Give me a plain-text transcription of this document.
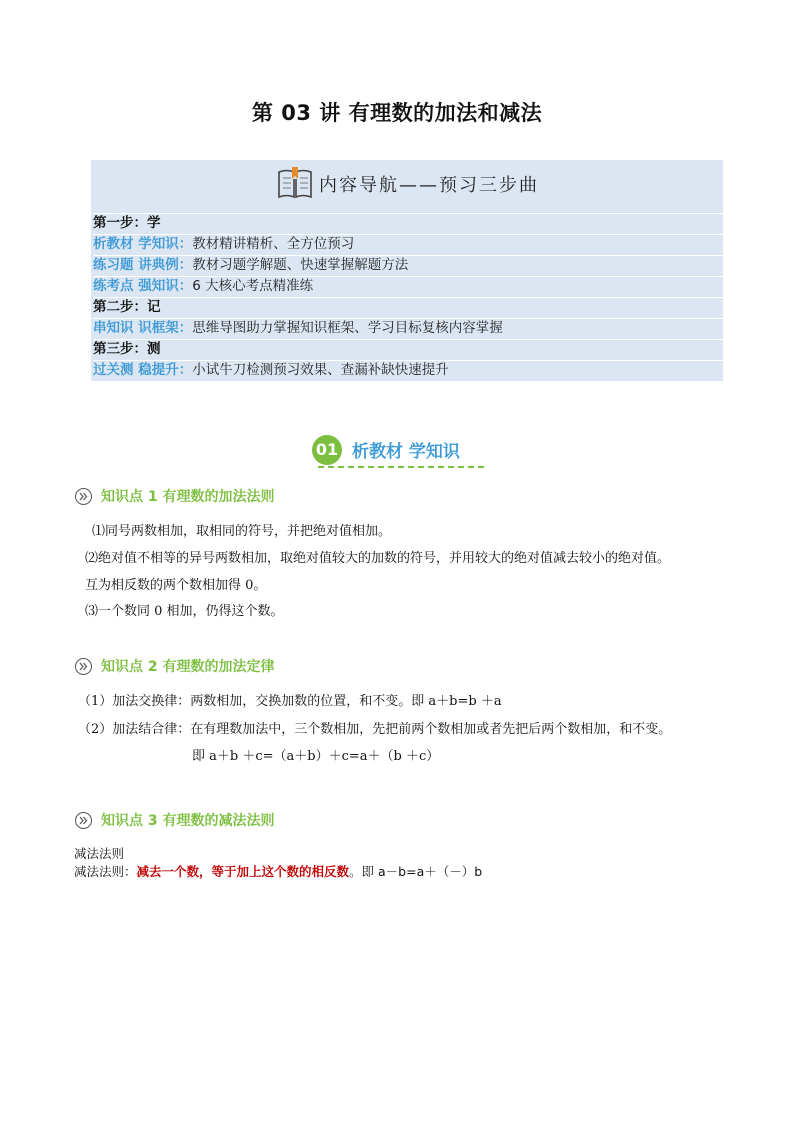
第 03 讲 有理数的加法和减法
内容导航——预习三步曲
第一步：学
析教材 学知识：教材精讲精析、全方位预习
练习题 讲典例：教材习题学解题、快速掌握解题方法
练考点 强知识：6 大核心考点精准练
第二步：记
串知识 识框架：思维导图助力掌握知识框架、学习目标复核内容掌握
第三步：测
过关测 稳提升：小试牛刀检测预习效果、查漏补缺快速提升
01 析教材 学知识
知识点 1 有理数的加法法则
⑴同号两数相加，取相同的符号，并把绝对值相加。
⑵绝对值不相等的异号两数相加，取绝对值较大的加数的符号，并用较大的绝对值减去较小的绝对值。
互为相反数的两个数相加得 0。
⑶一个数同 0 相加，仍得这个数。
知识点 2 有理数的加法定律
（1）加法交换律：两数相加，交换加数的位置，和不变。即 a＋b=b ＋a
（2）加法结合律：在有理数加法中，三个数相加，先把前两个数相加或者先把后两个数相加，和不变。
即 a＋b ＋c=（a＋b）＋c=a＋（b ＋c）
知识点 3 有理数的减法法则
减法法则
减法法则：减去一个数，等于加上这个数的相反数。即 a－b=a＋（－）b
